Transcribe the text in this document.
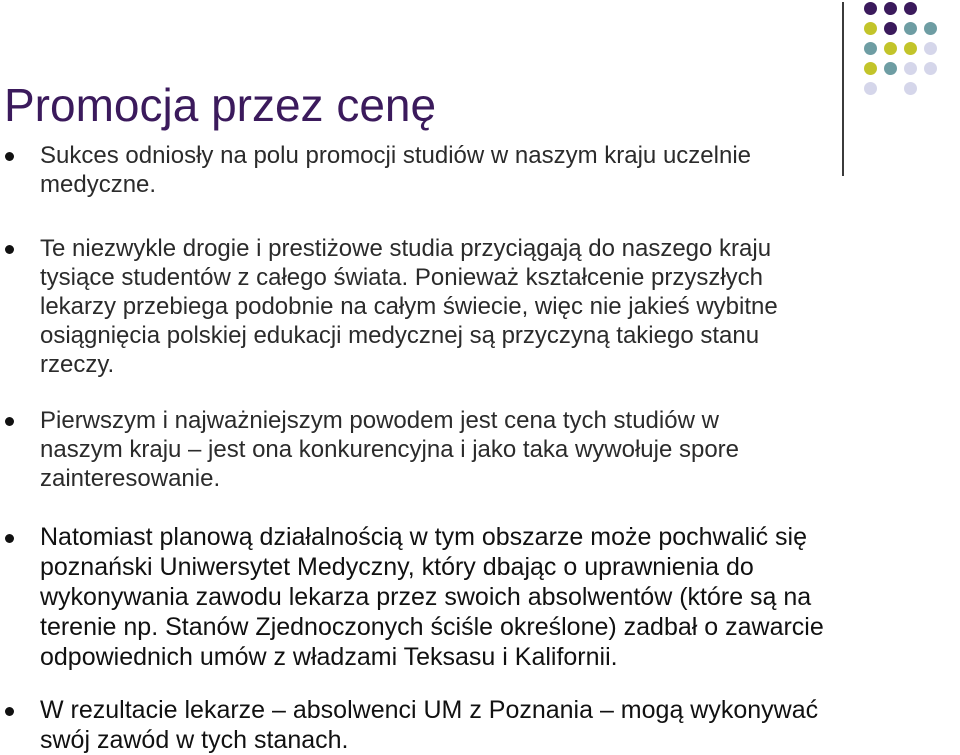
Promocja przez cenę
Sukces odniosły na polu promocji studiów w naszym kraju uczelnie
medyczne.
Te niezwykle drogie i prestiżowe studia przyciągają do naszego kraju
tysiące studentów z całego świata. Ponieważ kształcenie przyszłych
lekarzy przebiega podobnie na całym świecie, więc nie jakieś wybitne
osiągnięcia polskiej edukacji medycznej są przyczyną takiego stanu
rzeczy.
Pierwszym i najważniejszym powodem jest cena tych studiów w
naszym kraju – jest ona konkurencyjna i jako taka wywołuje spore
zainteresowanie.
Natomiast planową działalnością w tym obszarze może pochwalić się
poznański Uniwersytet Medyczny, który dbając o uprawnienia do
wykonywania zawodu lekarza przez swoich absolwentów (które są na
terenie np. Stanów Zjednoczonych ściśle określone) zadbał o zawarcie
odpowiednich umów z władzami Teksasu i Kalifornii.
W rezultacie lekarze – absolwenci UM z Poznania – mogą wykonywać
swój zawód w tych stanach.
